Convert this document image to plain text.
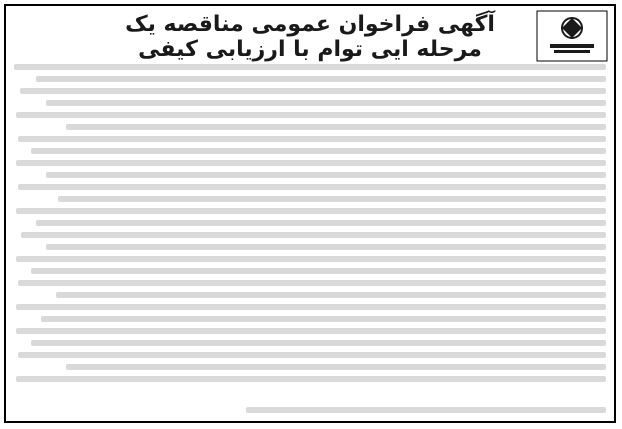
آگهی فراخوان عمومی مناقصه یک مرحله ایی توام با ارزیابی کیفی
